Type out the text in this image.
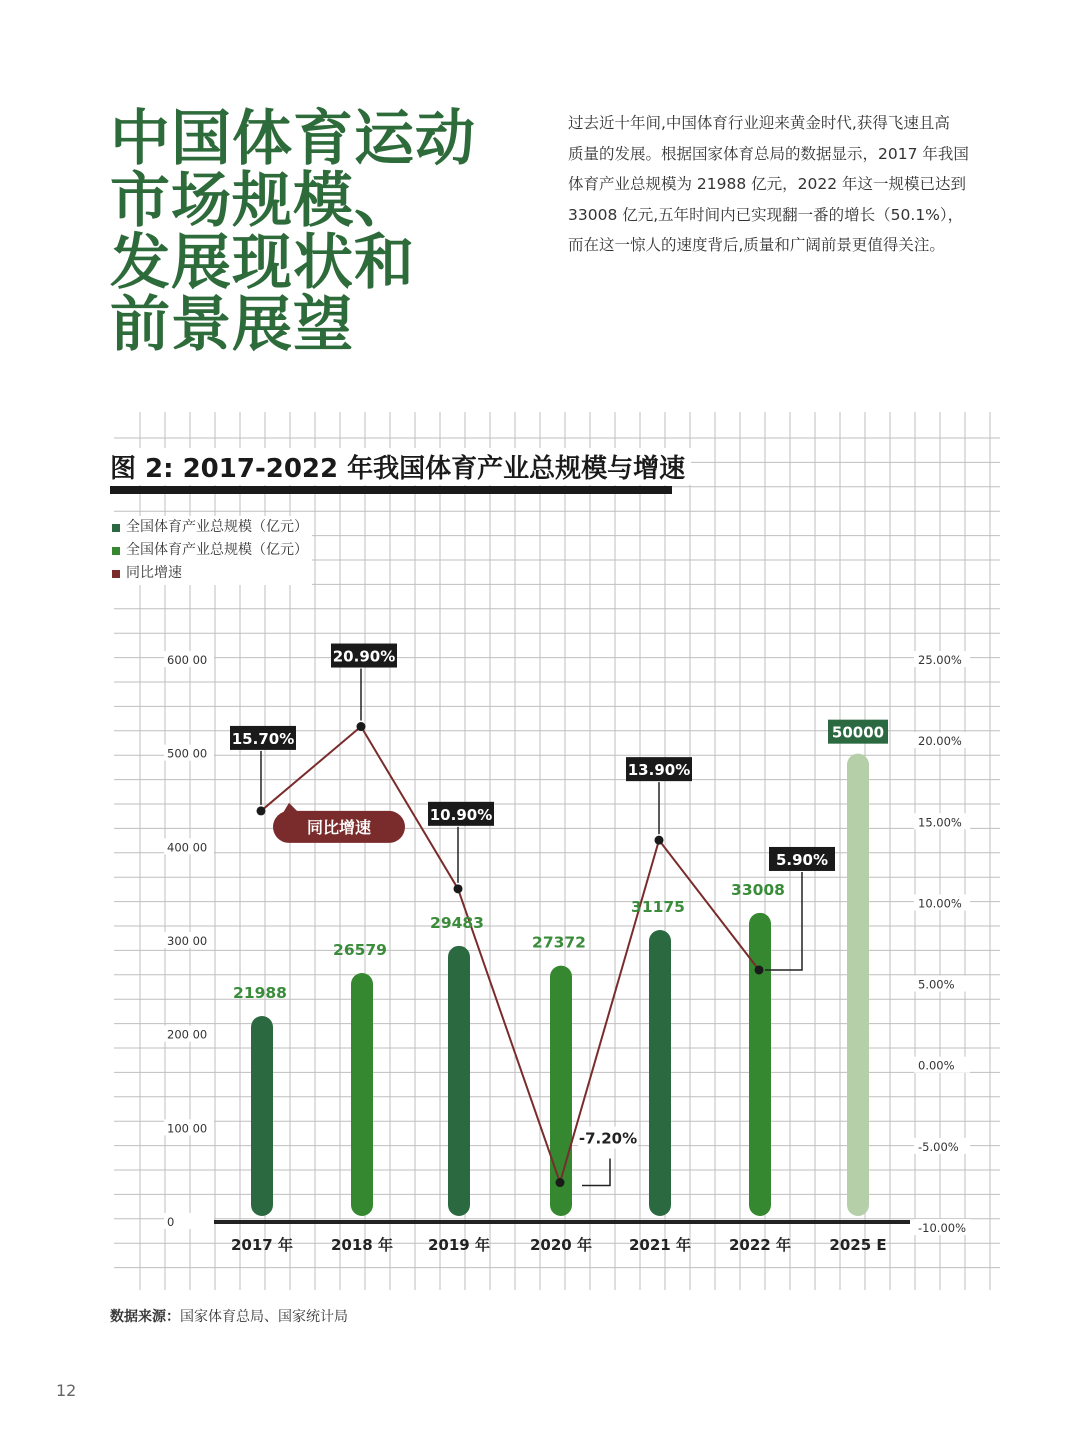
中国体育运动
市场规模、
发展现状和
前景展望
过去近十年间,中国体育行业迎来黄金时代,获得飞速且高
质量的发展。根据国家体育总局的数据显示，2017 年我国
体育产业总规模为 21988 亿元，2022 年这一规模已达到
33008 亿元,五年时间内已实现翻一番的增长（50.1%），
而在这一惊人的速度背后,质量和广阔前景更值得关注。
0
100 00
200 00
300 00
400 00
500 00
600 00
-10.00%
-5.00%
0.00%
5.00%
10.00%
15.00%
20.00%
25.00%
21988
26579
29483
27372
31175
33008
50000
2017 年	2018 年 2019 年	2020 年 2021 年	2022 年	2025 E
15.70%
20.90%
10.90%
-7.20%
13.90%
5.90%
同比增速
图 2: 2017-2022 年我国体育产业总规模与增速
全国体育产业总规模（亿元）
全国体育产业总规模（亿元）
同比增速
数据来源：国家体育总局、国家统计局
12
